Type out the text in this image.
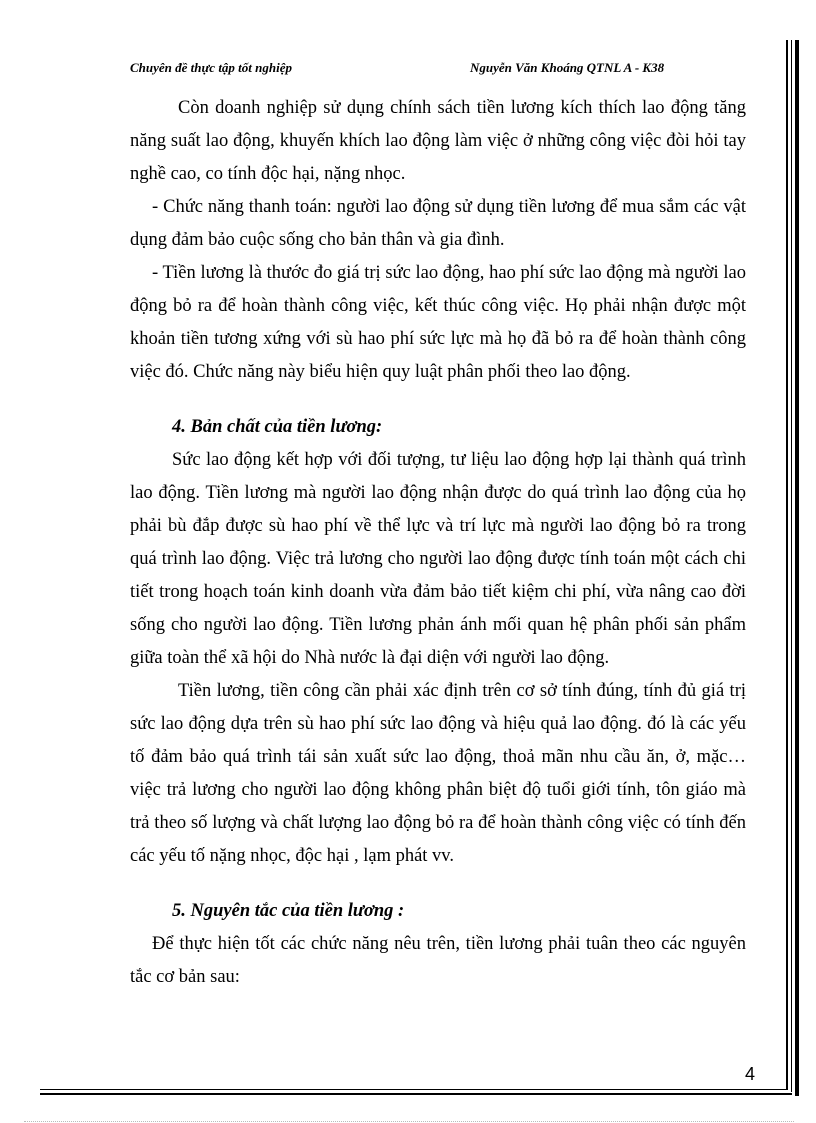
Chuyên đề thực tập tốt nghiệp	Nguyễn Văn Khoáng QTNL A - K38

Còn doanh nghiệp sử dụng chính sách tiền lương kích thích lao động tăng năng suất lao động, khuyến khích lao động làm việc ở những công việc đòi hỏi tay nghề cao, co tính độc hại, nặng nhọc.

- Chức năng thanh toán: người lao động sử dụng tiền lương để mua sắm các vật dụng đảm bảo cuộc sống cho bản thân và gia đình.

- Tiền lương là thước đo giá trị sức lao động, hao phí sức lao động mà người lao động bỏ ra để hoàn thành công việc, kết thúc công việc. Họ phải nhận được một khoản tiền tương xứng với sù hao phí sức lực mà họ đã bỏ ra để hoàn thành công việc đó. Chức năng này biểu hiện quy luật phân phối theo lao động.

4. Bản chất của tiền lương:

Sức lao động kết hợp với đối tượng, tư liệu lao động hợp lại thành quá trình lao động. Tiền lương mà người lao động nhận được do quá trình lao động của họ phải bù đắp được sù hao phí về thể lực và trí lực mà người lao động bỏ ra trong quá trình lao động. Việc trả lương cho người lao động được tính toán một cách chi tiết trong hoạch toán kinh doanh vừa đảm bảo tiết kiệm chi phí, vừa nâng cao đời sống cho người lao động. Tiền lương phản ánh mối quan hệ phân phối sản phẩm giữa toàn thể xã hội do Nhà nước là đại diện với người lao động.

Tiền lương, tiền công cần phải xác định trên cơ sở tính đúng, tính đủ giá trị sức lao động dựa trên sù hao phí sức lao động và hiệu quả lao động. đó là các yếu tố đảm bảo quá trình tái sản xuất sức lao động, thoả mãn nhu cầu ăn, ở, mặc… việc trả lương cho người lao động không phân biệt độ tuổi giới tính, tôn giáo mà trả theo số lượng và chất lượng lao động bỏ ra để hoàn thành công việc có tính đến các yếu tố nặng nhọc, độc hại , lạm phát vv.

5. Nguyên tắc của tiền lương :

Để thực hiện tốt các chức năng nêu trên, tiền lương phải tuân theo các nguyên tắc cơ bản sau:

4
